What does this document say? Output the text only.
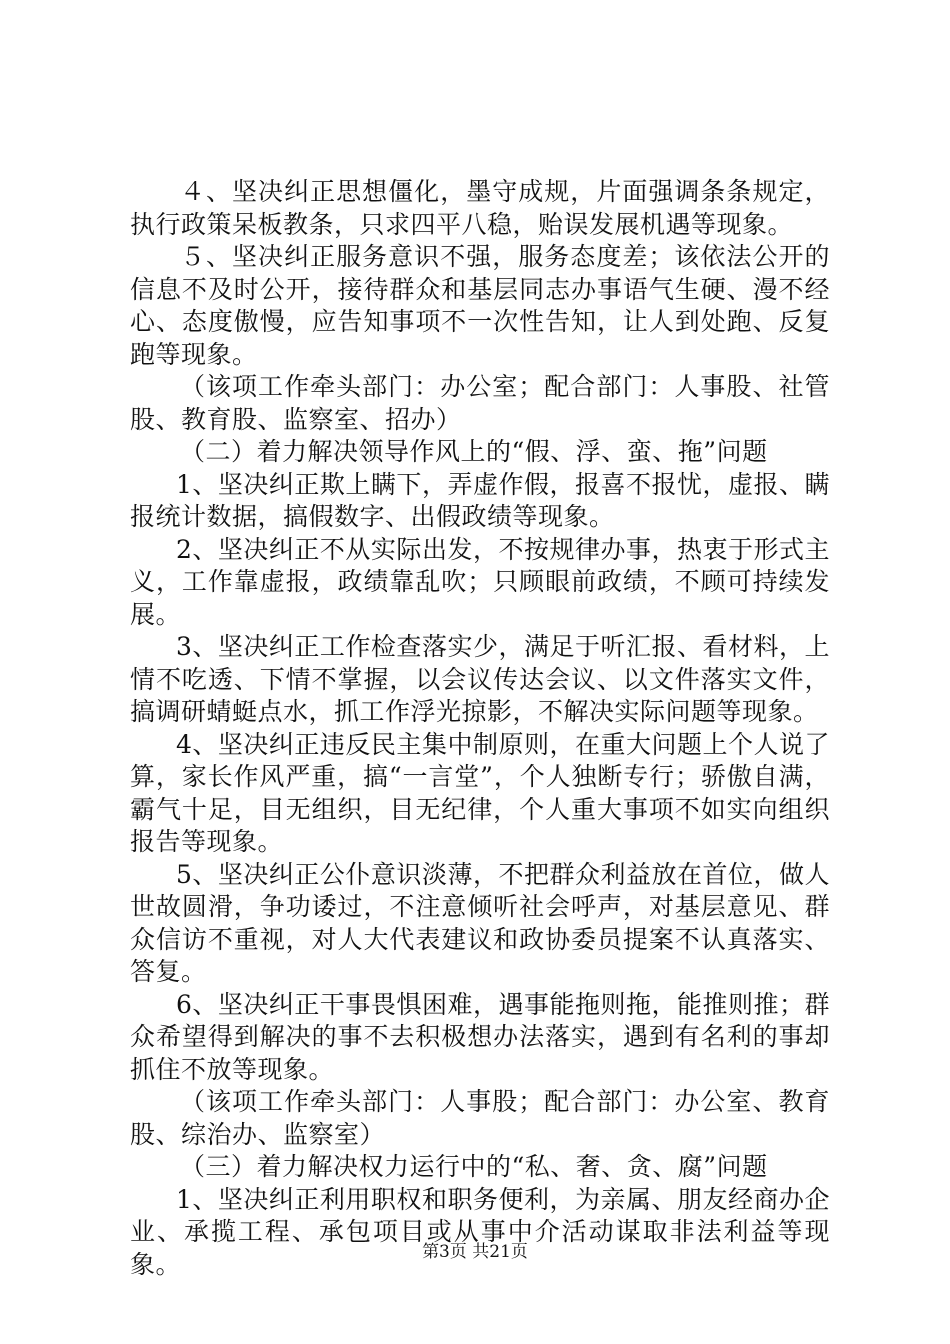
４、坚决纠正思想僵化，墨守成规，片面强调条条规定，执行政策呆板教条，只求四平八稳，贻误发展机遇等现象。

５、坚决纠正服务意识不强，服务态度差；该依法公开的信息不及时公开，接待群众和基层同志办事语气生硬、漫不经心、态度傲慢，应告知事项不一次性告知，让人到处跑、反复跑等现象。

（该项工作牵头部门：办公室；配合部门：人事股、社管股、教育股、监察室、招办）

（二）着力解决领导作风上的“假、浮、蛮、拖”问题

1、坚决纠正欺上瞒下，弄虚作假，报喜不报忧，虚报、瞒报统计数据，搞假数字、出假政绩等现象。

2、坚决纠正不从实际出发，不按规律办事，热衷于形式主义，工作靠虚报，政绩靠乱吹；只顾眼前政绩，不顾可持续发展。

3、坚决纠正工作检查落实少，满足于听汇报、看材料，上情不吃透、下情不掌握，以会议传达会议、以文件落实文件，搞调研蜻蜓点水，抓工作浮光掠影，不解决实际问题等现象。

4、坚决纠正违反民主集中制原则，在重大问题上个人说了算，家长作风严重，搞“一言堂”，个人独断专行；骄傲自满，霸气十足，目无组织，目无纪律，个人重大事项不如实向组织报告等现象。

5、坚决纠正公仆意识淡薄，不把群众利益放在首位，做人世故圆滑，争功诿过，不注意倾听社会呼声，对基层意见、群众信访不重视，对人大代表建议和政协委员提案不认真落实、答复。

6、坚决纠正干事畏惧困难，遇事能拖则拖，能推则推；群众希望得到解决的事不去积极想办法落实，遇到有名利的事却抓住不放等现象。

（该项工作牵头部门：人事股；配合部门：办公室、教育股、综治办、监察室）

（三）着力解决权力运行中的“私、奢、贪、腐”问题

1、坚决纠正利用职权和职务便利，为亲属、朋友经商办企业、承揽工程、承包项目或从事中介活动谋取非法利益等现象。	第3页 共21页
